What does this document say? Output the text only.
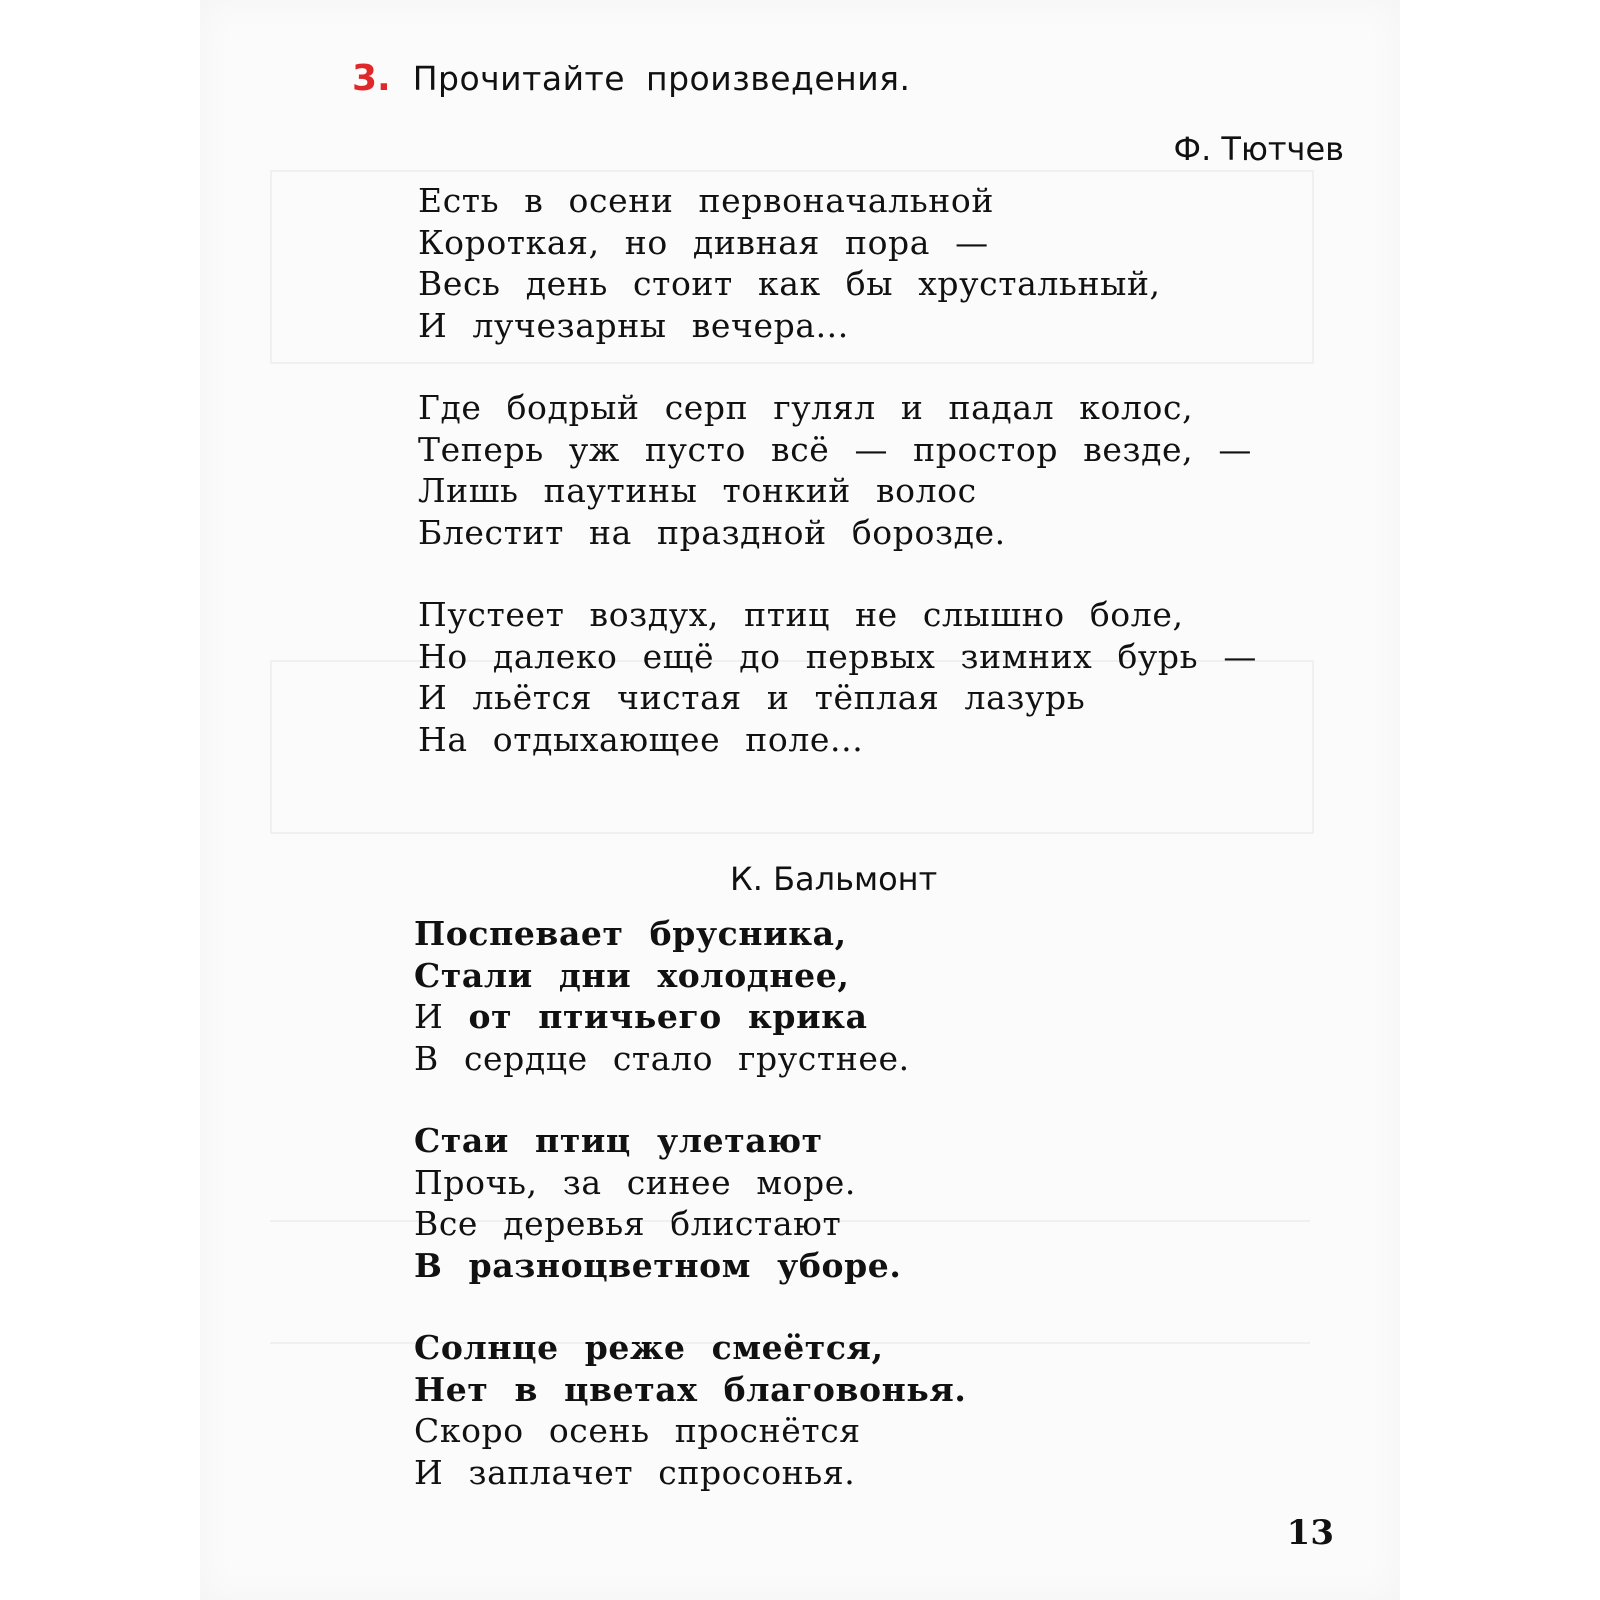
3. Прочитайте произведения.
Ф. Тютчев
Есть в осени первоначальной
Короткая, но дивная пора —
Весь день стоит как бы хрустальный,
И лучезарны вечера...
Где бодрый серп гулял и падал колос,
Теперь уж пусто всё — простор везде, —
Лишь паутины тонкий волос
Блестит на праздной борозде.
Пустеет воздух, птиц не слышно боле,
Но далеко ещё до первых зимних бурь —
И льётся чистая и тёплая лазурь
На отдыхающее поле...
К. Бальмонт
Поспевает брусника,
Стали дни холоднее,
И от птичьего крика
В сердце стало грустнее.
Стаи птиц улетают
Прочь, за синее море.
Все деревья блистают
В разноцветном уборе.
Солнце реже смеётся,
Нет в цветах благовонья.
Скоро осень проснётся
И заплачет спросонья.
13
